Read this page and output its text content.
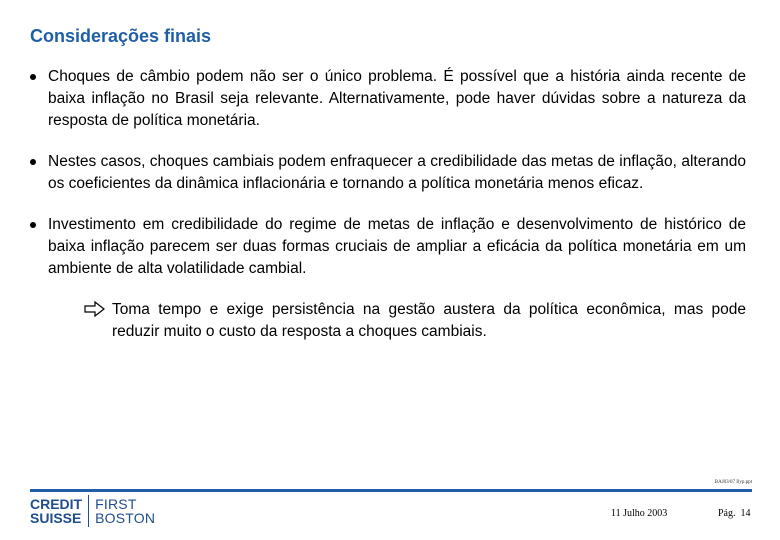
Considerações finais
Choques de câmbio podem não ser o único problema. É possível que a história ainda recente de baixa inflação no Brasil seja relevante. Alternativamente, pode haver dúvidas sobre a natureza da resposta de política monetária.
Nestes casos, choques cambiais podem enfraquecer a credibilidade das metas de inflação, alterando os coeficientes da dinâmica inflacionária e tornando a política monetária menos eficaz.
Investimento em credibilidade do regime de metas de inflação e desenvolvimento de histórico de baixa inflação parecem ser duas formas cruciais de ampliar a eficácia da política monetária em um ambiente de alta volatilidade cambial.
Toma tempo e exige persistência na gestão austera da política econômica, mas pode reduzir muito o custo da resposta a choques cambiais.
BAJ03/07 Ilyp.ppt
CREDIT
SUISSE
FIRST
BOSTON	11 Julho 2003	Pág. 14
